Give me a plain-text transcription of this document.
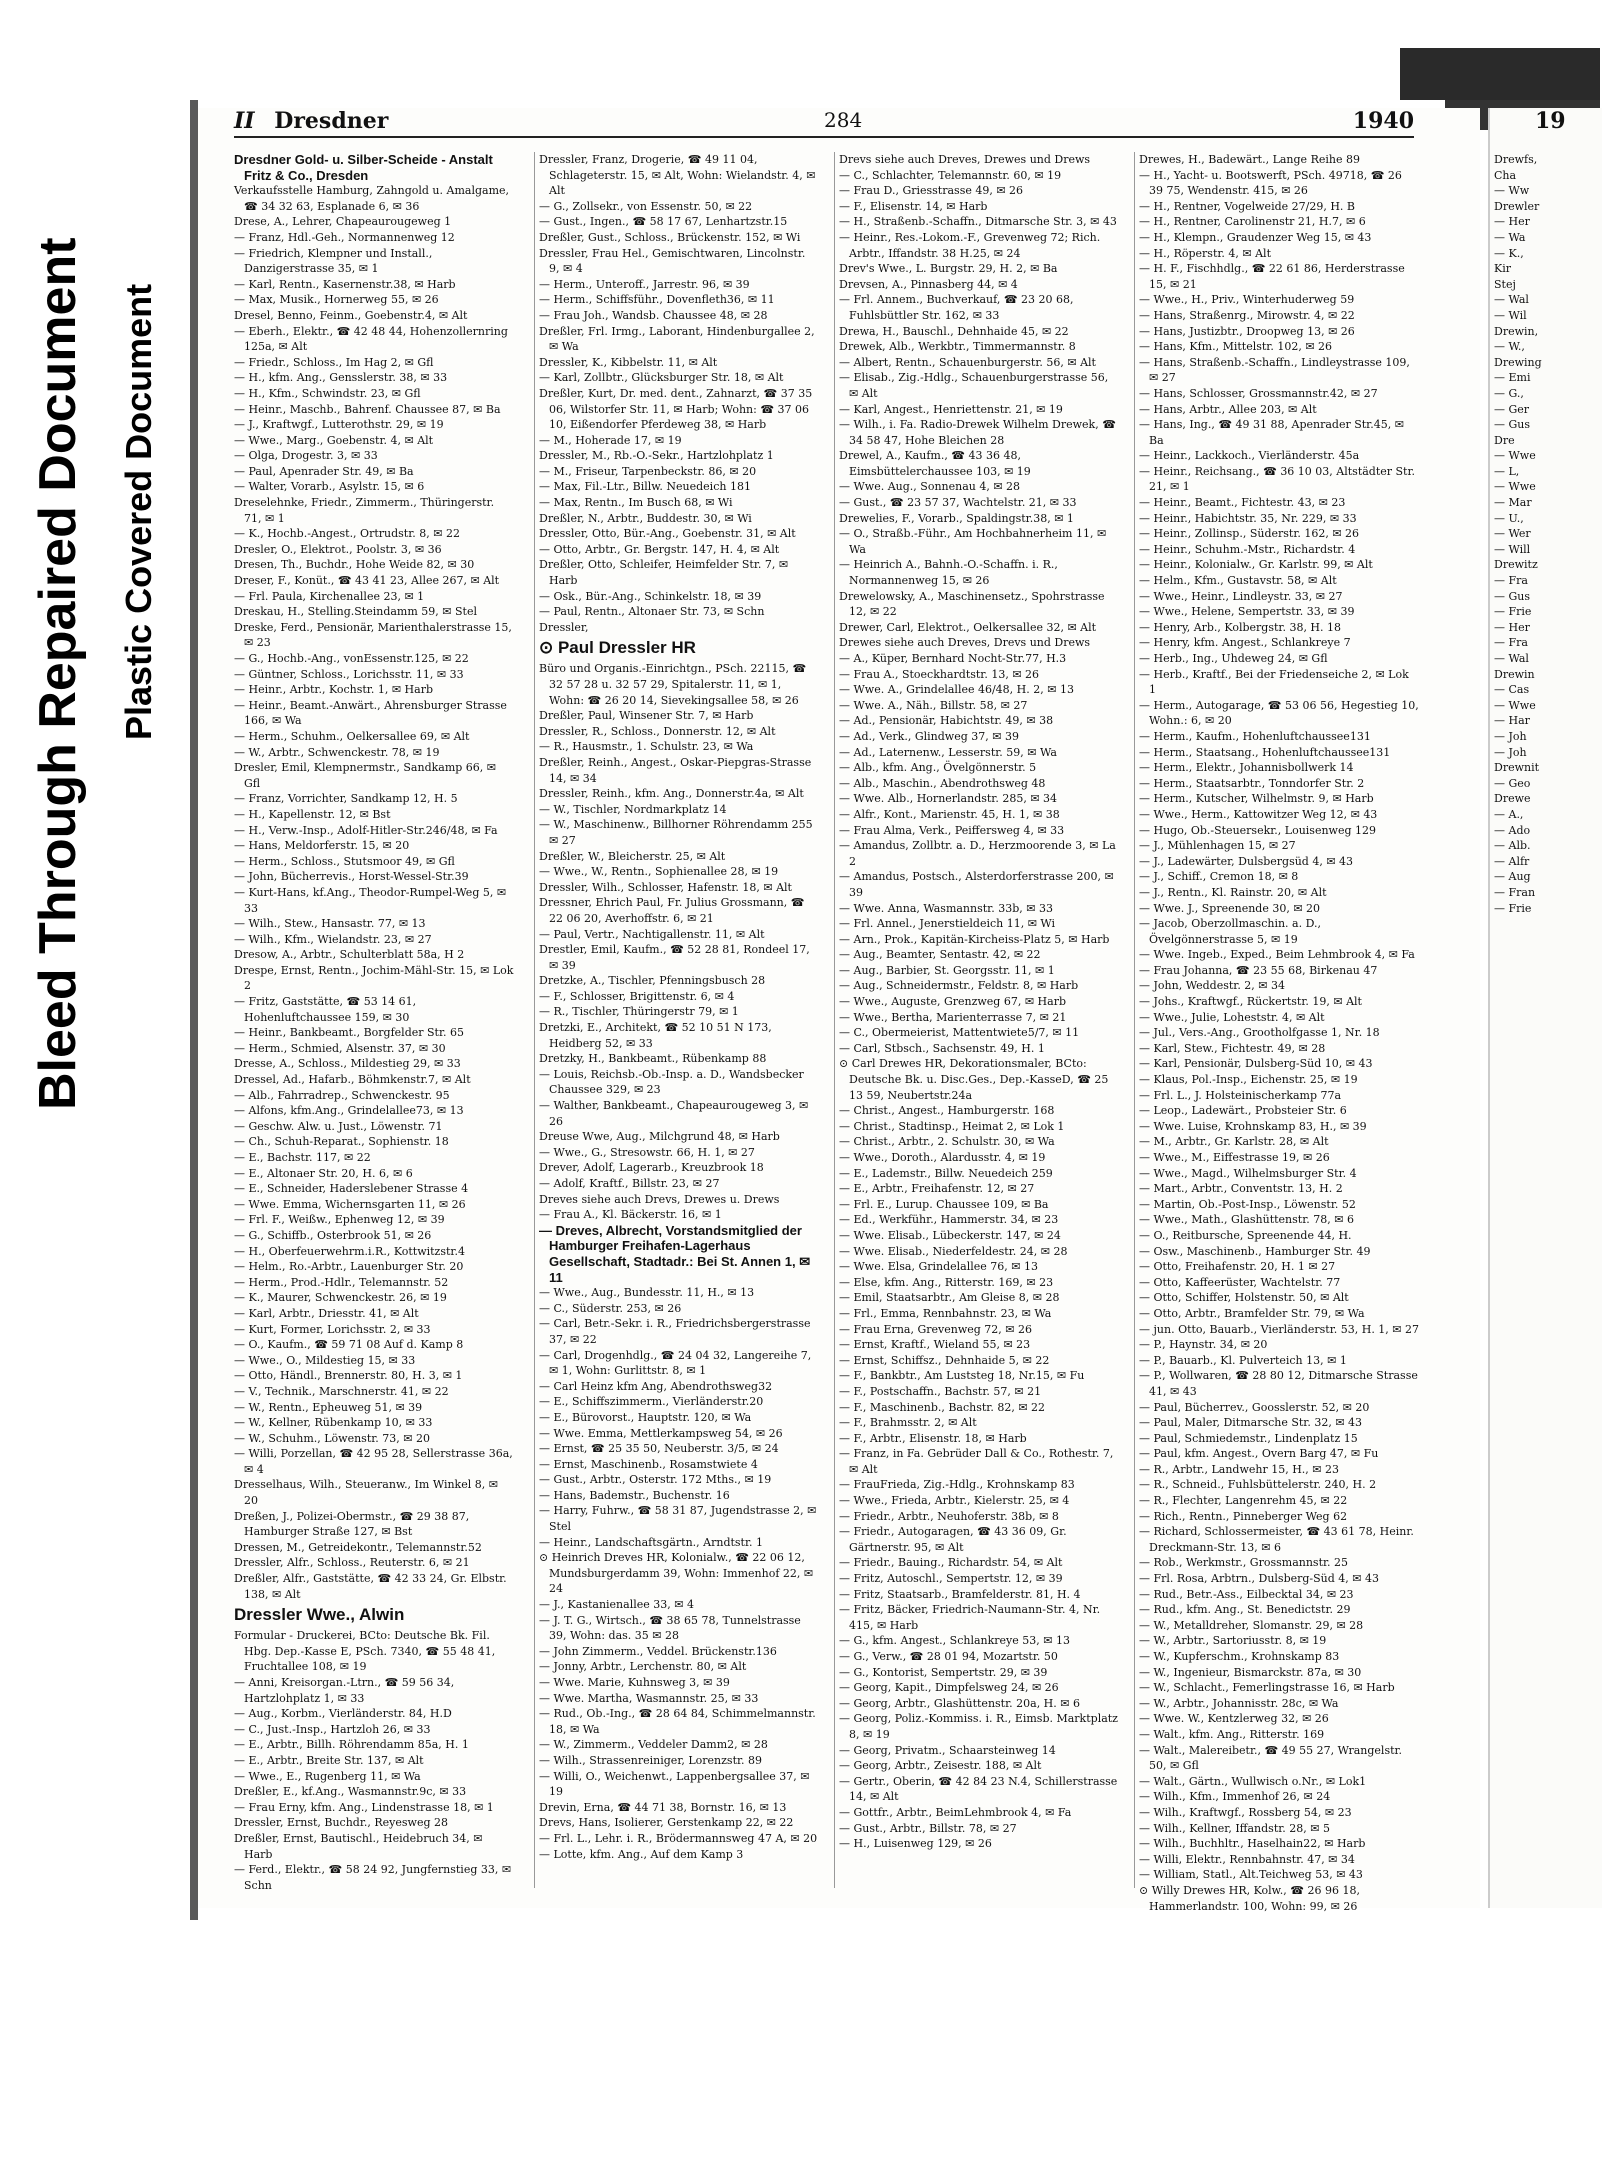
Bleed Through Repaired Document Plastic Covered Document
II Dresdner	284	1940

Dresdner Gold- u. Silber-Scheide - Anstalt Fritz & Co., Dresden

Verkaufsstelle Hamburg, Zahngold u. Amalgame, ☎ 34 32 63, Esplanade 6, ✉ 36

Drese, A., Lehrer, Chapeaurougeweg 1

— Franz, Hdl.-Geh., Normannenweg 12

— Friedrich, Klempner und Install., Danzigerstrasse 35, ✉ 1

— Karl, Rentn., Kasernenstr.38, ✉ Harb

— Max, Musik., Hornerweg 55, ✉ 26

Dresel, Benno, Feinm., Goebenstr.4, ✉ Alt

— Eberh., Elektr., ☎ 42 48 44, Hohenzollernring 125a, ✉ Alt

— Friedr., Schloss., Im Hag 2, ✉ Gfl

— H., kfm. Ang., Gensslerstr. 38, ✉ 33

— H., Kfm., Schwindstr. 23, ✉ Gfl

— Heinr., Maschb., Bahrenf. Chaussee 87, ✉ Ba

— J., Kraftwgf., Lutterothstr. 29, ✉ 19

— Wwe., Marg., Goebenstr. 4, ✉ Alt

— Olga, Drogestr. 3, ✉ 33

— Paul, Apenrader Str. 49, ✉ Ba

— Walter, Vorarb., Asylstr. 15, ✉ 6

Dreselehnke, Friedr., Zimmerm., Thüringerstr. 71, ✉ 1

— K., Hochb.-Angest., Ortrudstr. 8, ✉ 22

Dresler, O., Elektrot., Poolstr. 3, ✉ 36

Dresen, Th., Buchdr., Hohe Weide 82, ✉ 30

Dreser, F., Konüt., ☎ 43 41 23, Allee 267, ✉ Alt

— Frl. Paula, Kirchenallee 23, ✉ 1

Dreskau, H., Stelling.Steindamm 59, ✉ Stel

Dreske, Ferd., Pensionär, Marienthalerstrasse 15, ✉ 23

— G., Hochb.-Ang., vonEssenstr.125, ✉ 22

— Güntner, Schloss., Lorichsstr. 11, ✉ 33

— Heinr., Arbtr., Kochstr. 1, ✉ Harb

— Heinr., Beamt.-Anwärt., Ahrensburger Strasse 166, ✉ Wa

— Herm., Schuhm., Oelkersallee 69, ✉ Alt

— W., Arbtr., Schwenckestr. 78, ✉ 19

Dresler, Emil, Klempnermstr., Sandkamp 66, ✉ Gfl

— Franz, Vorrichter, Sandkamp 12, H. 5

— H., Kapellenstr. 12, ✉ Bst

— H., Verw.-Insp., Adolf-Hitler-Str.246/48, ✉ Fa

— Hans, Meldorferstr. 15, ✉ 20

— Herm., Schloss., Stutsmoor 49, ✉ Gfl

— John, Bücherrevis., Horst-Wessel-Str.39

— Kurt-Hans, kf.Ang., Theodor-Rumpel-Weg 5, ✉ 33

— Wilh., Stew., Hansastr. 77, ✉ 13

— Wilh., Kfm., Wielandstr. 23, ✉ 27

Dresow, A., Arbtr., Schulterblatt 58a, H 2

Drespe, Ernst, Rentn., Jochim-Mähl-Str. 15, ✉ Lok 2

— Fritz, Gaststätte, ☎ 53 14 61, Hohenluftchaussee 159, ✉ 30

— Heinr., Bankbeamt., Borgfelder Str. 65

— Herm., Schmied, Alsenstr. 37, ✉ 30

Dresse, A., Schloss., Mildestieg 29, ✉ 33

Dressel, Ad., Hafarb., Böhmkenstr.7, ✉ Alt

— Alb., Fahrradrep., Schwenckestr. 95

— Alfons, kfm.Ang., Grindelallee73, ✉ 13

— Geschw. Alw. u. Just., Löwenstr. 71

— Ch., Schuh-Reparat., Sophienstr. 18

— E., Bachstr. 117, ✉ 22

— E., Altonaer Str. 20, H. 6, ✉ 6

— E., Schneider, Haderslebener Strasse 4

— Wwe. Emma, Wichernsgarten 11, ✉ 26

— Frl. F., Weißw., Ephenweg 12, ✉ 39

— G., Schiffb., Osterbrook 51, ✉ 26

— H., Oberfeuerwehrm.i.R., Kottwitzstr.4

— Helm., Ro.-Arbtr., Lauenburger Str. 20

— Herm., Prod.-Hdlr., Telemannstr. 52

— K., Maurer, Schwenckestr. 26, ✉ 19

— Karl, Arbtr., Driesstr. 41, ✉ Alt

— Kurt, Former, Lorichsstr. 2, ✉ 33

— O., Kaufm., ☎ 59 71 08 Auf d. Kamp 8

— Wwe., O., Mildestieg 15, ✉ 33

— Otto, Händl., Brennerstr. 80, H. 3, ✉ 1

— V., Technik., Marschnerstr. 41, ✉ 22

— W., Rentn., Epheuweg 51, ✉ 39

— W., Kellner, Rübenkamp 10, ✉ 33

— W., Schuhm., Löwenstr. 73, ✉ 20

— Willi, Porzellan, ☎ 42 95 28, Sellerstrasse 36a, ✉ 4

Dresselhaus, Wilh., Steueranw., Im Winkel 8, ✉ 20

Dreßen, J., Polizei-Obermstr., ☎ 29 38 87, Hamburger Straße 127, ✉ Bst

Dressen, M., Getreidekontr., Telemannstr.52

Dressler, Alfr., Schloss., Reuterstr. 6, ✉ 21

Dreßler, Alfr., Gaststätte, ☎ 42 33 24, Gr. Elbstr. 138, ✉ Alt

Dressler Wwe., Alwin

Formular - Druckerei, BCto: Deutsche Bk. Fil. Hbg. Dep.-Kasse E, PSch. 7340, ☎ 55 48 41, Fruchtallee 108, ✉ 19

— Anni, Kreisorgan.-Ltrn., ☎ 59 56 34, Hartzlohplatz 1, ✉ 33

— Aug., Korbm., Vierländerstr. 84, H.D

— C., Just.-Insp., Hartzloh 26, ✉ 33

— E., Arbtr., Billh. Röhrendamm 85a, H. 1

— E., Arbtr., Breite Str. 137, ✉ Alt

— Wwe., E., Rugenberg 11, ✉ Wa

Dreßler, E., kf.Ang., Wasmannstr.9c, ✉ 33

— Frau Erny, kfm. Ang., Lindenstrasse 18, ✉ 1

Dressler, Ernst, Buchdr., Reyesweg 28

Dreßler, Ernst, Bautischl., Heidebruch 34, ✉ Harb

— Ferd., Elektr., ☎ 58 24 92, Jungfernstieg 33, ✉ Schn

Dressler, Franz, Drogerie, ☎ 49 11 04, Schlageterstr. 15, ✉ Alt, Wohn: Wielandstr. 4, ✉ Alt

— G., Zollsekr., von Essenstr. 50, ✉ 22

— Gust., Ingen., ☎ 58 17 67, Lenhartzstr.15

Dreßler, Gust., Schloss., Brückenstr. 152, ✉ Wi

Dressler, Frau Hel., Gemischtwaren, Lincolnstr. 9, ✉ 4

— Herm., Unteroff., Jarrestr. 96, ✉ 39

— Herm., Schiffsführ., Dovenfleth36, ✉ 11

— Frau Joh., Wandsb. Chaussee 48, ✉ 28

Dreßler, Frl. Irmg., Laborant, Hindenburgallee 2, ✉ Wa

Dressler, K., Kibbelstr. 11, ✉ Alt

— Karl, Zollbtr., Glücksburger Str. 18, ✉ Alt

Dreßler, Kurt, Dr. med. dent., Zahnarzt, ☎ 37 35 06, Wilstorfer Str. 11, ✉ Harb; Wohn: ☎ 37 06 10, Eißendorfer Pferdeweg 38, ✉ Harb

— M., Hoherade 17, ✉ 19

Dressler, M., Rb.-O.-Sekr., Hartzlohplatz 1

— M., Friseur, Tarpenbeckstr. 86, ✉ 20

— Max, Fil.-Ltr., Billw. Neuedeich 181

— Max, Rentn., Im Busch 68, ✉ Wi

Dreßler, N., Arbtr., Buddestr. 30, ✉ Wi

Dressler, Otto, Bür.-Ang., Goebenstr. 31, ✉ Alt

— Otto, Arbtr., Gr. Bergstr. 147, H. 4, ✉ Alt

Dreßler, Otto, Schleifer, Heimfelder Str. 7, ✉ Harb

— Osk., Bür.-Ang., Schinkelstr. 18, ✉ 39

— Paul, Rentn., Altonaer Str. 73, ✉ Schn

Dressler,

⊙ Paul Dressler HR

Büro und Organis.-Einrichtgn., PSch. 22115, ☎ 32 57 28 u. 32 57 29, Spitalerstr. 11, ✉ 1, Wohn: ☎ 26 20 14, Sievekingsallee 58, ✉ 26

Dreßler, Paul, Winsener Str. 7, ✉ Harb

Dressler, R., Schloss., Donnerstr. 12, ✉ Alt

— R., Hausmstr., 1. Schulstr. 23, ✉ Wa

Dreßler, Reinh., Angest., Oskar-Piepgras-Strasse 14, ✉ 34

Dressler, Reinh., kfm. Ang., Donnerstr.4a, ✉ Alt

— W., Tischler, Nordmarkplatz 14

— W., Maschinenw., Billhorner Röhrendamm 255 ✉ 27

Dreßler, W., Bleicherstr. 25, ✉ Alt

— Wwe., W., Rentn., Sophienallee 28, ✉ 19

Dressler, Wilh., Schlosser, Hafenstr. 18, ✉ Alt

Dressner, Ehrich Paul, Fr. Julius Grossmann, ☎ 22 06 20, Averhoffstr. 6, ✉ 21

— Paul, Vertr., Nachtigallenstr. 11, ✉ Alt

Drestler, Emil, Kaufm., ☎ 52 28 81, Rondeel 17, ✉ 39

Dretzke, A., Tischler, Pfenningsbusch 28

— F., Schlosser, Brigittenstr. 6, ✉ 4

— R., Tischler, Thüringerstr 79, ✉ 1

Dretzki, E., Architekt, ☎ 52 10 51 N 173, Heidberg 52, ✉ 33

Dretzky, H., Bankbeamt., Rübenkamp 88

— Louis, Reichsb.-Ob.-Insp. a. D., Wandsbecker Chaussee 329, ✉ 23

— Walther, Bankbeamt., Chapeaurougeweg 3, ✉ 26

Dreuse Wwe, Aug., Milchgrund 48, ✉ Harb

— Wwe., G., Stresowstr. 66, H. 1, ✉ 27

Drever, Adolf, Lagerarb., Kreuzbrook 18

— Adolf, Kraftf., Billstr. 23, ✉ 27

Dreves siehe auch Drevs, Drewes u. Drews

— Frau A., Kl. Bäckerstr. 16, ✉ 1

— Dreves, Albrecht, Vorstandsmitglied der Hamburger Freihafen-Lagerhaus Gesellschaft, Stadtadr.: Bei St. Annen 1, ✉ 11

— Wwe., Aug., Bundesstr. 11, H., ✉ 13

— C., Süderstr. 253, ✉ 26

— Carl, Betr.-Sekr. i. R., Friedrichsbergerstrasse 37, ✉ 22

— Carl, Drogenhdlg., ☎ 24 04 32, Langereihe 7, ✉ 1, Wohn: Gurlittstr. 8, ✉ 1

— Carl Heinz kfm Ang, Abendrothsweg32

— E., Schiffszimmerm., Vierländerstr.20

— E., Bürovorst., Hauptstr. 120, ✉ Wa

— Wwe. Emma, Mettlerkampsweg 54, ✉ 26

— Ernst, ☎ 25 35 50, Neuberstr. 3/5, ✉ 24

— Ernst, Maschinenb., Rosamstwiete 4

— Gust., Arbtr., Osterstr. 172 Mths., ✉ 19

— Hans, Bademstr., Buchenstr. 16

— Harry, Fuhrw., ☎ 58 31 87, Jugendstrasse 2, ✉ Stel

— Heinr., Landschaftsgärtn., Arndtstr. 1

⊙ Heinrich Dreves HR, Kolonialw., ☎ 22 06 12, Mundsburgerdamm 39, Wohn: Immenhof 22, ✉ 24

— J., Kastanienallee 33, ✉ 4

— J. T. G., Wirtsch., ☎ 38 65 78, Tunnelstrasse 39, Wohn: das. 35 ✉ 28

— John Zimmerm., Veddel. Brückenstr.136

— Jonny, Arbtr., Lerchenstr. 80, ✉ Alt

— Wwe. Marie, Kuhnsweg 3, ✉ 39

— Wwe. Martha, Wasmannstr. 25, ✉ 33

— Rud., Ob.-Ing., ☎ 28 64 84, Schimmelmannstr. 18, ✉ Wa

— W., Zimmerm., Veddeler Damm2, ✉ 28

— Wilh., Strassenreiniger, Lorenzstr. 89

— Willi, O., Weichenwt., Lappenbergsallee 37, ✉ 19

Drevin, Erna, ☎ 44 71 38, Bornstr. 16, ✉ 13

Drevs, Hans, Isolierer, Gerstenkamp 22, ✉ 22

— Frl. L., Lehr. i. R., Brödermannsweg 47 A, ✉ 20

— Lotte, kfm. Ang., Auf dem Kamp 3

Drevs siehe auch Dreves, Drewes und Drews

— C., Schlachter, Telemannstr. 60, ✉ 19

— Frau D., Griesstrasse 49, ✉ 26

— F., Elisenstr. 14, ✉ Harb

— H., Straßenb.-Schaffn., Ditmarsche Str. 3, ✉ 43

— Heinr., Res.-Lokom.-F., Grevenweg 72; Rich. Arbtr., Iffandstr. 38 H.25, ✉ 24

Drev's Wwe., L. Burgstr. 29, H. 2, ✉ Ba

Drevsen, A., Pinnasberg 44, ✉ 4

— Frl. Annem., Buchverkauf, ☎ 23 20 68, Fuhlsbüttler Str. 162, ✉ 33

Drewa, H., Bauschl., Dehnhaide 45, ✉ 22

Drewek, Alb., Werkbtr., Timmermannstr. 8

— Albert, Rentn., Schauenburgerstr. 56, ✉ Alt

— Elisab., Zig.-Hdlg., Schauenburgerstrasse 56, ✉ Alt

— Karl, Angest., Henriettenstr. 21, ✉ 19

— Wilh., i. Fa. Radio-Drewek Wilhelm Drewek, ☎ 34 58 47, Hohe Bleichen 28

Drewel, A., Kaufm., ☎ 43 36 48, Eimsbüttelerchaussee 103, ✉ 19

— Wwe. Aug., Sonnenau 4, ✉ 28

— Gust., ☎ 23 57 37, Wachtelstr. 21, ✉ 33

Drewelies, F., Vorarb., Spaldingstr.38, ✉ 1

— O., Straßb.-Führ., Am Hochbahnerheim 11, ✉ Wa

— Heinrich A., Bahnh.-O.-Schaffn. i. R., Normannenweg 15, ✉ 26

Drewelowsky, A., Maschinensetz., Spohrstrasse 12, ✉ 22

Drewer, Carl, Elektrot., Oelkersallee 32, ✉ Alt

Drewes siehe auch Dreves, Drevs und Drews

— A., Küper, Bernhard Nocht-Str.77, H.3

— Frau A., Stoeckhardtstr. 13, ✉ 26

— Wwe. A., Grindelallee 46/48, H. 2, ✉ 13

— Wwe. A., Näh., Billstr. 58, ✉ 27

— Ad., Pensionär, Habichtstr. 49, ✉ 38

— Ad., Verk., Glindweg 37, ✉ 39

— Ad., Laternenw., Lesserstr. 59, ✉ Wa

— Alb., kfm. Ang., Övelgönnerstr. 5

— Alb., Maschin., Abendrothsweg 48

— Wwe. Alb., Hornerlandstr. 285, ✉ 34

— Alfr., Kont., Marienstr. 45, H. 1, ✉ 38

— Frau Alma, Verk., Peiffersweg 4, ✉ 33

— Amandus, Zollbtr. a. D., Herzmoorende 3, ✉ La 2

— Amandus, Postsch., Alsterdorferstrasse 200, ✉ 39

— Wwe. Anna, Wasmannstr. 33b, ✉ 33

— Frl. Annel., Jenerstieldeich 11, ✉ Wi

— Arn., Prok., Kapitän-Kircheiss-Platz 5, ✉ Harb

— Aug., Beamter, Sentastr. 42, ✉ 22

— Aug., Barbier, St. Georgsstr. 11, ✉ 1

— Aug., Schneidermstr., Feldstr. 8, ✉ Harb

— Wwe., Auguste, Grenzweg 67, ✉ Harb

— Wwe., Bertha, Marienterrasse 7, ✉ 21

— C., Obermeierist, Mattentwiete5/7, ✉ 11

— Carl, Stbsch., Sachsenstr. 49, H. 1

⊙ Carl Drewes HR, Dekorationsmaler, BCto: Deutsche Bk. u. Disc.Ges., Dep.-KasseD, ☎ 25 13 59, Neubertstr.24a

— Christ., Angest., Hamburgerstr. 168

— Christ., Stadtinsp., Heimat 2, ✉ Lok 1

— Christ., Arbtr., 2. Schulstr. 30, ✉ Wa

— Wwe., Doroth., Alardusstr. 4, ✉ 19

— E., Lademstr., Billw. Neuedeich 259

— E., Arbtr., Freihafenstr. 12, ✉ 27

— Frl. E., Lurup. Chaussee 109, ✉ Ba

— Ed., Werkführ., Hammerstr. 34, ✉ 23

— Wwe. Elisab., Lübeckerstr. 147, ✉ 24

— Wwe. Elisab., Niederfeldestr. 24, ✉ 28

— Wwe. Elsa, Grindelallee 76, ✉ 13

— Else, kfm. Ang., Ritterstr. 169, ✉ 23

— Emil, Staatsarbtr., Am Gleise 8, ✉ 28

— Frl., Emma, Rennbahnstr. 23, ✉ Wa

— Frau Erna, Grevenweg 72, ✉ 26

— Ernst, Kraftf., Wieland 55, ✉ 23

— Ernst, Schiffsz., Dehnhaide 5, ✉ 22

— F., Bankbtr., Am Luststeg 18, Nr.15, ✉ Fu

— F., Postschaffn., Bachstr. 57, ✉ 21

— F., Maschinenb., Bachstr. 82, ✉ 22

— F., Brahmsstr. 2, ✉ Alt

— F., Arbtr., Elisenstr. 18, ✉ Harb

— Franz, in Fa. Gebrüder Dall & Co., Rothestr. 7, ✉ Alt

— FrauFrieda, Zig.-Hdlg., Krohnskamp 83

— Wwe., Frieda, Arbtr., Kielerstr. 25, ✉ 4

— Friedr., Arbtr., Neuhoferstr. 38b, ✉ 8

— Friedr., Autogaragen, ☎ 43 36 09, Gr. Gärtnerstr. 95, ✉ Alt

— Friedr., Bauing., Richardstr. 54, ✉ Alt

— Fritz, Autoschl., Sempertstr. 12, ✉ 39

— Fritz, Staatsarb., Bramfelderstr. 81, H. 4

— Fritz, Bäcker, Friedrich-Naumann-Str. 4, Nr. 415, ✉ Harb

— G., kfm. Angest., Schlankreye 53, ✉ 13

— G., Verw., ☎ 28 01 94, Mozartstr. 50

— G., Kontorist, Sempertstr. 29, ✉ 39

— Georg, Kapit., Dimpfelsweg 24, ✉ 26

— Georg, Arbtr., Glashüttenstr. 20a, H. ✉ 6

— Georg, Poliz.-Kommiss. i. R., Eimsb. Marktplatz 8, ✉ 19

— Georg, Privatm., Schaarsteinweg 14

— Georg, Arbtr., Zeisestr. 188, ✉ Alt

— Gertr., Oberin, ☎ 42 84 23 N.4, Schillerstrasse 14, ✉ Alt

— Gottfr., Arbtr., BeimLehmbrook 4, ✉ Fa

— Gust., Arbtr., Billstr. 78, ✉ 27

— H., Luisenweg 129, ✉ 26

Drewes, H., Badewärt., Lange Reihe 89

— H., Yacht- u. Bootswerft, PSch. 49718, ☎ 26 39 75, Wendenstr. 415, ✉ 26

— H., Rentner, Vogelweide 27/29, H. B

— H., Rentner, Carolinenstr 21, H.7, ✉ 6

— H., Klempn., Graudenzer Weg 15, ✉ 43

— H., Röperstr. 4, ✉ Alt

— H. F., Fischhdlg., ☎ 22 61 86, Herderstrasse 15, ✉ 21

— Wwe., H., Priv., Winterhuderweg 59

— Hans, Straßenrg., Mirowstr. 4, ✉ 22

— Hans, Justizbtr., Droopweg 13, ✉ 26

— Hans, Kfm., Mittelstr. 102, ✉ 26

— Hans, Straßenb.-Schaffn., Lindleystrasse 109, ✉ 27

— Hans, Schlosser, Grossmannstr.42, ✉ 27

— Hans, Arbtr., Allee 203, ✉ Alt

— Hans, Ing., ☎ 49 31 88, Apenrader Str.45, ✉ Ba

— Heinr., Lackkoch., Vierländerstr. 45a

— Heinr., Reichsang., ☎ 36 10 03, Altstädter Str. 21, ✉ 1

— Heinr., Beamt., Fichtestr. 43, ✉ 23

— Heinr., Habichtstr. 35, Nr. 229, ✉ 33

— Heinr., Zollinsp., Süderstr. 162, ✉ 26

— Heinr., Schuhm.-Mstr., Richardstr. 4

— Heinr., Kolonialw., Gr. Karlstr. 99, ✉ Alt

— Helm., Kfm., Gustavstr. 58, ✉ Alt

— Wwe., Heinr., Lindleystr. 33, ✉ 27

— Wwe., Helene, Sempertstr. 33, ✉ 39

— Henry, Arb., Kolbergstr. 38, H. 18

— Henry, kfm. Angest., Schlankreye 7

— Herb., Ing., Uhdeweg 24, ✉ Gfl

— Herb., Kraftf., Bei der Friedenseiche 2, ✉ Lok 1

— Herm., Autogarage, ☎ 53 06 56, Hegestieg 10, Wohn.: 6, ✉ 20

— Herm., Kaufm., Hohenluftchaussee131

— Herm., Staatsang., Hohenluftchaussee131

— Herm., Elektr., Johannisbollwerk 14

— Herm., Staatsarbtr., Tonndorfer Str. 2

— Herm., Kutscher, Wilhelmstr. 9, ✉ Harb

— Wwe., Herm., Kattowitzer Weg 12, ✉ 43

— Hugo, Ob.-Steuersekr., Louisenweg 129

— J., Mühlenhagen 15, ✉ 27

— J., Ladewärter, Dulsbergsüd 4, ✉ 43

— J., Schiff., Cremon 18, ✉ 8

— J., Rentn., Kl. Rainstr. 20, ✉ Alt

— Wwe. J., Spreenende 30, ✉ 20

— Jacob, Oberzollmaschin. a. D., Övelgönnerstrasse 5, ✉ 19

— Wwe. Ingeb., Exped., Beim Lehmbrook 4, ✉ Fa

— Frau Johanna, ☎ 23 55 68, Birkenau 47

— John, Weddestr. 2, ✉ 34

— Johs., Kraftwgf., Rückertstr. 19, ✉ Alt

— Wwe., Julie, Loheststr. 4, ✉ Alt

— Jul., Vers.-Ang., Grootholfgasse 1, Nr. 18

— Karl, Stew., Fichtestr. 49, ✉ 28

— Karl, Pensionär, Dulsberg-Süd 10, ✉ 43

— Klaus, Pol.-Insp., Eichenstr. 25, ✉ 19

— Frl. L., J. Holsteinischerkamp 77a

— Leop., Ladewärt., Probsteier Str. 6

— Wwe. Luise, Krohnskamp 83, H., ✉ 39

— M., Arbtr., Gr. Karlstr. 28, ✉ Alt

— Wwe., M., Eiffestrasse 19, ✉ 26

— Wwe., Magd., Wilhelmsburger Str. 4

— Mart., Arbtr., Conventstr. 13, H. 2

— Martin, Ob.-Post-Insp., Löwenstr. 52

— Wwe., Math., Glashüttenstr. 78, ✉ 6

— O., Reitburschе, Spreenende 44, H.

— Osw., Maschinenb., Hamburger Str. 49

— Otto, Freihafenstr. 20, H. 1 ✉ 27

— Otto, Kaffeerüster, Wachtelstr. 77

— Otto, Schiffer, Holstenstr. 50, ✉ Alt

— Otto, Arbtr., Bramfelder Str. 79, ✉ Wa

— jun. Otto, Bauarb., Vierländerstr. 53, H. 1, ✉ 27

— P., Haynstr. 34, ✉ 20

— P., Bauarb., Kl. Pulverteich 13, ✉ 1

— P., Wollwaren, ☎ 28 80 12, Ditmarsche Strasse 41, ✉ 43

— Paul, Bücherrev., Goosslerstr. 52, ✉ 20

— Paul, Maler, Ditmarsche Str. 32, ✉ 43

— Paul, Schmiedemstr., Lindenplatz 15

— Paul, kfm. Angest., Overn Barg 47, ✉ Fu

— R., Arbtr., Landwehr 15, H., ✉ 23

— R., Schneid., Fuhlsbüttelerstr. 240, H. 2

— R., Flechter, Langenrehm 45, ✉ 22

— Rich., Rentn., Pinneberger Weg 62

— Richard, Schlossermeister, ☎ 43 61 78, Heinr. Dreckmann-Str. 13, ✉ 6

— Rob., Werkmstr., Grossmannstr. 25

— Frl. Rosa, Arbtrn., Dulsberg-Süd 4, ✉ 43

— Rud., Betr.-Ass., Eilbecktal 34, ✉ 23

— Rud., kfm. Ang., St. Benedictstr. 29

— W., Metalldreher, Slomanstr. 29, ✉ 28

— W., Arbtr., Sartoriusstr. 8, ✉ 19

— W., Kupferschm., Krohnskamp 83

— W., Ingenieur, Bismarckstr. 87a, ✉ 30

— W., Schlacht., Femerlingstrasse 16, ✉ Harb

— W., Arbtr., Johannisstr. 28c, ✉ Wa

— Wwe. W., Kentzlerweg 32, ✉ 26

— Walt., kfm. Ang., Ritterstr. 169

— Walt., Malereibetr., ☎ 49 55 27, Wrangelstr. 50, ✉ Gfl

— Walt., Gärtn., Wullwisch o.Nr., ✉ Lok1

— Wilh., Kfm., Immenhof 26, ✉ 24

— Wilh., Kraftwgf., Rossberg 54, ✉ 23

— Wilh., Kellner, Iffandstr. 28, ✉ 5

— Wilh., Buchhltr., Haselhain22, ✉ Harb

— Willi, Elektr., Rennbahnstr. 47, ✉ 34

— William, Statl., Alt.Teichweg 53, ✉ 43

⊙ Willy Drewes HR, Kolw., ☎ 26 96 18, Hammerlandstr. 100, Wohn: 99, ✉ 26

19
Drewfs,
Cha
— Ww
Drewler
— Her
— Wa
— K.,
Kir
Stej
— Wal
— Wil
Drewin,
— W.,
Drewing
— Emi
— G.,
— Ger
— Gus
Dre
— Wwe
— L,
— Wwe
— Mar
— U.,
— Wer
— Will
Drewitz
— Fra
— Gus
— Frie
— Her
— Fra
— Wal
Drewin
— Cas
— Wwe
— Har
— Joh
— Joh
Drewnit
— Geo
Drewe
— A.,
— Ado
— Alb.
— Alfr
— Aug
— Fran
— Frie
